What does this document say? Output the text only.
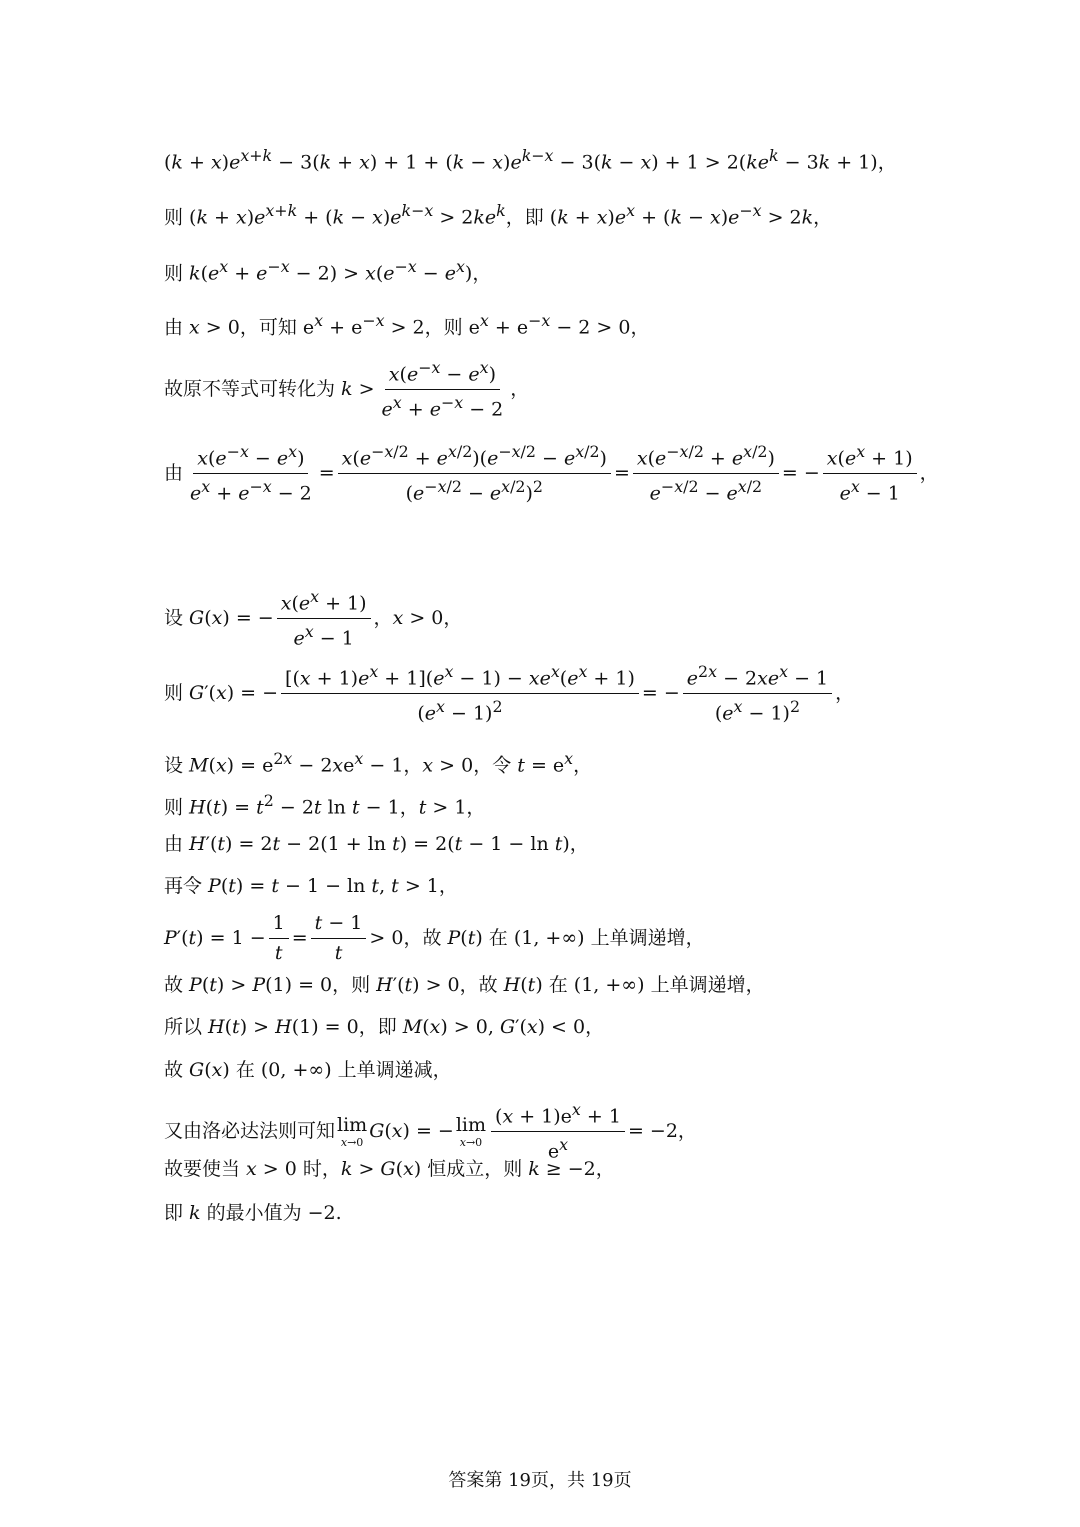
$(k + x)e^{x+k} - 3(k + x) + 1 + (k - x)e^{k-x} - 3(k - x) + 1 > 2(ke^k - 3k + 1)$，
则 $(k + x)e^{x+k} + (k - x)e^{k-x} > 2ke^k$，即 $(k + x)e^x + (k - x)e^{-x} > 2k$，
则 $k(e^x + e^{-x} - 2) > x(e^{-x} - e^x)$，
由 x > 0，可知 $e^x + e^{-x} > 2$，则 $e^x + e^{-x} - 2 > 0$，
故原不等式可转化为 $k > \frac{x(e^{-x} - e^x)}{e^x + e^{-x} - 2}$ ，
由 $\frac{x(e^{-x} - e^x)}{e^x + e^{-x} - 2} = \frac{x(e^{-x/2} + e^{x/2})(e^{-x/2} - e^{x/2})}{(e^{-x/2} - e^{x/2})^2} = \frac{x(e^{-x/2} + e^{x/2})}{e^{-x/2} - e^{x/2}}$ = − $\frac{x(e^x + 1)}{e^x - 1}$ ，
设 G(x) = − $\frac{x(e^x + 1)}{e^x - 1}$ ，x > 0，
则 G′(x) = − $\frac{[(x + 1)e^x + 1](e^x - 1) - xe^x(e^x + 1)}{(e^x - 1)^2}$ = − $\frac{e^{2x} - 2xe^x - 1}{(e^x - 1)^2}$ ，
设 $M(x) = e^{2x} - 2xe^x - 1$，x > 0，令 $t = e^x$，
则 $H(t) = t^2 - 2t$ ln t − 1，t > 1，
由 H′(t) = 2t − 2(1 + ln t) = 2(t − 1 − ln t)，
再令 P(t) = t − 1 − ln t, t > 1，
$P'(t) = 1 - \frac{1}{t} = \frac{t - 1}{t} > 0$，故 P(t) 在 (1, +∞) 上单调递增，
故 P(t) > P(1) = 0，则 H′(t) > 0，故 H(t) 在 (1, +∞) 上单调递增，
所以 H(t) > H(1) = 0，即 M(x) > 0, G′(x) < 0，
故 G(x) 在 (0, +∞) 上单调递减，
又由洛必达法则可知 lim
x→0 G(x) = − lim
$x\to 0 \frac{(x + 1)e^x + 1}{e^x} = -2$，
故要使当 x > 0 时，k > G(x) 恒成立，则 k ≥ −2，
即 k 的最小值为 −2.
答案第 19页，共 19页
